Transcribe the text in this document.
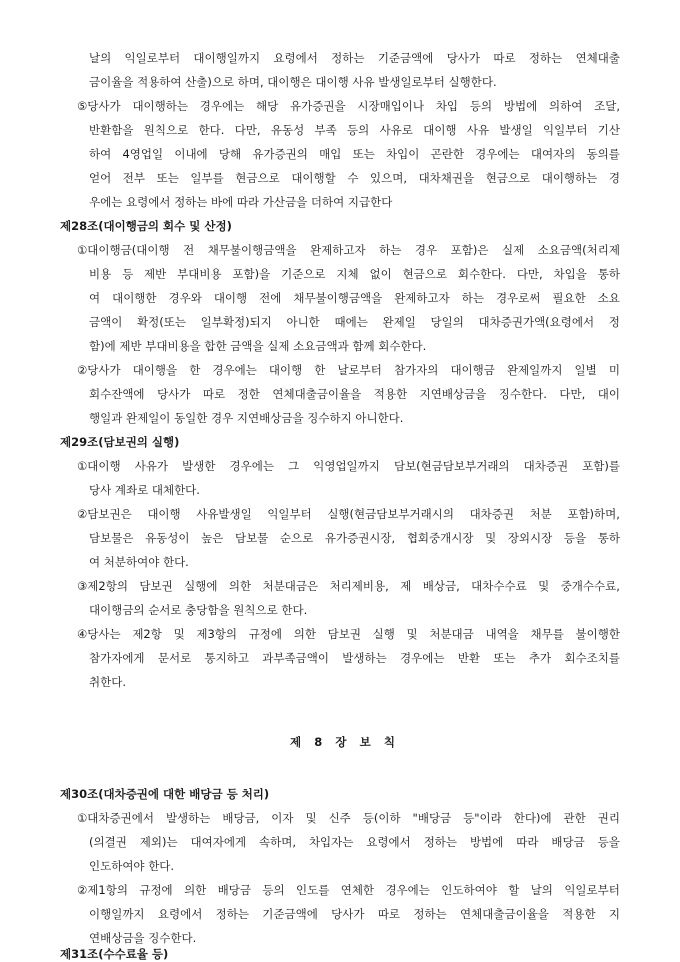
날의 익일로부터 대이행일까지 요령에서 정하는 기준금액에 당사가 따로 정하는 연체대출
금이율을 적용하여 산출)으로 하며, 대이행은 대이행 사유 발생일로부터 실행한다.
⑤당사가 대이행하는 경우에는 해당 유가증권을 시장매입이나 차입 등의 방법에 의하여 조달,
반환함을 원칙으로 한다. 다만, 유동성 부족 등의 사유로 대이행 사유 발생일 익일부터 기산
하여 4영업일 이내에 당해 유가증권의 매입 또는 차입이 곤란한 경우에는 대여자의 동의를
얻어 전부 또는 일부를 현금으로 대이행할 수 있으며, 대차채권을 현금으로 대이행하는 경
우에는 요령에서 정하는 바에 따라 가산금을 더하여 지급한다
제28조(대이행금의 회수 및 산정)
①대이행금(대이행 전 채무불이행금액을 완제하고자 하는 경우 포함)은 실제 소요금액(처리제
비용 등 제반 부대비용 포함)을 기준으로 지체 없이 현금으로 회수한다. 다만, 차입을 통하
여 대이행한 경우와 대이행 전에 채무불이행금액을 완제하고자 하는 경우로써 필요한 소요
금액이 확정(또는 일부확정)되지 아니한 때에는 완제일 당일의 대차증권가액(요령에서 정
함)에 제반 부대비용을 합한 금액을 실제 소요금액과 함께 회수한다.
②당사가 대이행을 한 경우에는 대이행 한 날로부터 참가자의 대이행금 완제일까지 일별 미
회수잔액에 당사가 따로 정한 연체대출금이율을 적용한 지연배상금을 징수한다. 다만, 대이
행일과 완제일이 동일한 경우 지연배상금을 징수하지 아니한다.
제29조(담보권의 실행)
①대이행 사유가 발생한 경우에는 그 익영업일까지 담보(현금담보부거래의 대차증권 포함)를
당사 계좌로 대체한다.
②담보권은 대이행 사유발생일 익일부터 실행(현금담보부거래시의 대차증권 처분 포함)하며,
담보물은 유동성이 높은 담보물 순으로 유가증권시장, 협회중개시장 및 장외시장 등을 통하
여 처분하여야 한다.
③제2항의 담보권 실행에 의한 처분대금은 처리제비용, 제 배상금, 대차수수료 및 중개수수료,
대이행금의 순서로 충당함을 원칙으로 한다.
④당사는 제2항 및 제3항의 규정에 의한 담보권 실행 및 처분대금 내역을 채무를 불이행한
참가자에게 문서로 통지하고 과부족금액이 발생하는 경우에는 반환 또는 추가 회수조치를
취한다.
제 8 장 보 칙
제30조(대차증권에 대한 배당금 등 처리)
①대차증권에서 발생하는 배당금, 이자 및 신주 등(이하 "배당금 등"이라 한다)에 관한 권리
(의결권 제외)는 대여자에게 속하며, 차입자는 요령에서 정하는 방법에 따라 배당금 등을
인도하여야 한다.
②제1항의 규정에 의한 배당금 등의 인도를 연체한 경우에는 인도하여야 할 날의 익일로부터
이행일까지 요령에서 정하는 기준금액에 당사가 따로 정하는 연체대출금이율을 적용한 지
연배상금을 징수한다.
제31조(수수료율 등)
